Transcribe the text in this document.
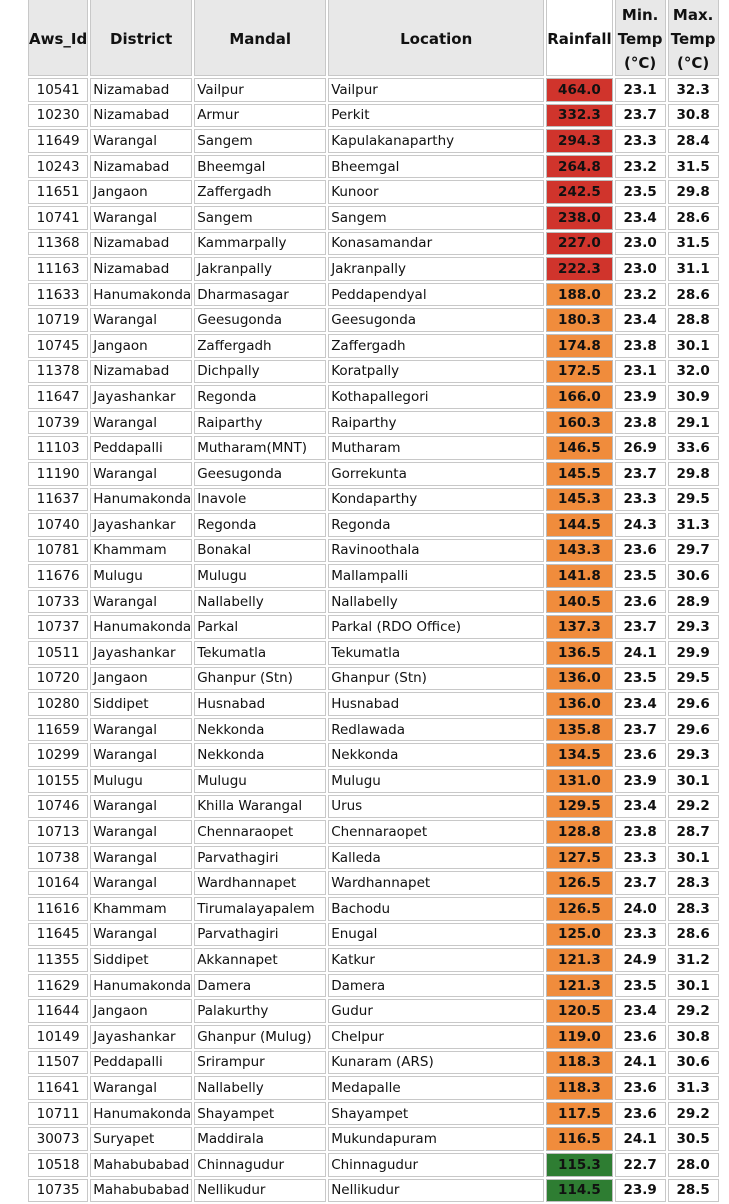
Aws_Id	District	Mandal	Location	Rainfall	Min. Temp (°C)	Max. Temp (°C)
10541	Nizamabad	Vailpur	Vailpur	464.0	23.1	32.3
10230	Nizamabad	Armur	Perkit	332.3	23.7	30.8
11649	Warangal	Sangem	Kapulakanaparthy	294.3	23.3	28.4
10243	Nizamabad	Bheemgal	Bheemgal	264.8	23.2	31.5
11651	Jangaon	Zaffergadh	Kunoor	242.5	23.5	29.8
10741	Warangal	Sangem	Sangem	238.0	23.4	28.6
11368	Nizamabad	Kammarpally	Konasamandar	227.0	23.0	31.5
11163	Nizamabad	Jakranpally	Jakranpally	222.3	23.0	31.1
11633	Hanumakonda	Dharmasagar	Peddapendyal	188.0	23.2	28.6
10719	Warangal	Geesugonda	Geesugonda	180.3	23.4	28.8
10745	Jangaon	Zaffergadh	Zaffergadh	174.8	23.8	30.1
11378	Nizamabad	Dichpally	Koratpally	172.5	23.1	32.0
11647	Jayashankar	Regonda	Kothapallegori	166.0	23.9	30.9
10739	Warangal	Raiparthy	Raiparthy	160.3	23.8	29.1
11103	Peddapalli	Mutharam(MNT)	Mutharam	146.5	26.9	33.6
11190	Warangal	Geesugonda	Gorrekunta	145.5	23.7	29.8
11637	Hanumakonda	Inavole	Kondaparthy	145.3	23.3	29.5
10740	Jayashankar	Regonda	Regonda	144.5	24.3	31.3
10781	Khammam	Bonakal	Ravinoothala	143.3	23.6	29.7
11676	Mulugu	Mulugu	Mallampalli	141.8	23.5	30.6
10733	Warangal	Nallabelly	Nallabelly	140.5	23.6	28.9
10737	Hanumakonda	Parkal	Parkal (RDO Office)	137.3	23.7	29.3
10511	Jayashankar	Tekumatla	Tekumatla	136.5	24.1	29.9
10720	Jangaon	Ghanpur (Stn)	Ghanpur (Stn)	136.0	23.5	29.5
10280	Siddipet	Husnabad	Husnabad	136.0	23.4	29.6
11659	Warangal	Nekkonda	Redlawada	135.8	23.7	29.6
10299	Warangal	Nekkonda	Nekkonda	134.5	23.6	29.3
10155	Mulugu	Mulugu	Mulugu	131.0	23.9	30.1
10746	Warangal	Khilla Warangal	Urus	129.5	23.4	29.2
10713	Warangal	Chennaraopet	Chennaraopet	128.8	23.8	28.7
10738	Warangal	Parvathagiri	Kalleda	127.5	23.3	30.1
10164	Warangal	Wardhannapet	Wardhannapet	126.5	23.7	28.3
11616	Khammam	Tirumalayapalem	Bachodu	126.5	24.0	28.3
11645	Warangal	Parvathagiri	Enugal	125.0	23.3	28.6
11355	Siddipet	Akkannapet	Katkur	121.3	24.9	31.2
11629	Hanumakonda	Damera	Damera	121.3	23.5	30.1
11644	Jangaon	Palakurthy	Gudur	120.5	23.4	29.2
10149	Jayashankar	Ghanpur (Mulug)	Chelpur	119.0	23.6	30.8
11507	Peddapalli	Srirampur	Kunaram (ARS)	118.3	24.1	30.6
11641	Warangal	Nallabelly	Medapalle	118.3	23.6	31.3
10711	Hanumakonda	Shayampet	Shayampet	117.5	23.6	29.2
30073	Suryapet	Maddirala	Mukundapuram	116.5	24.1	30.5
10518	Mahabubabad	Chinnagudur	Chinnagudur	115.3	22.7	28.0
10735	Mahabubabad	Nellikudur	Nellikudur	114.5	23.9	28.5
